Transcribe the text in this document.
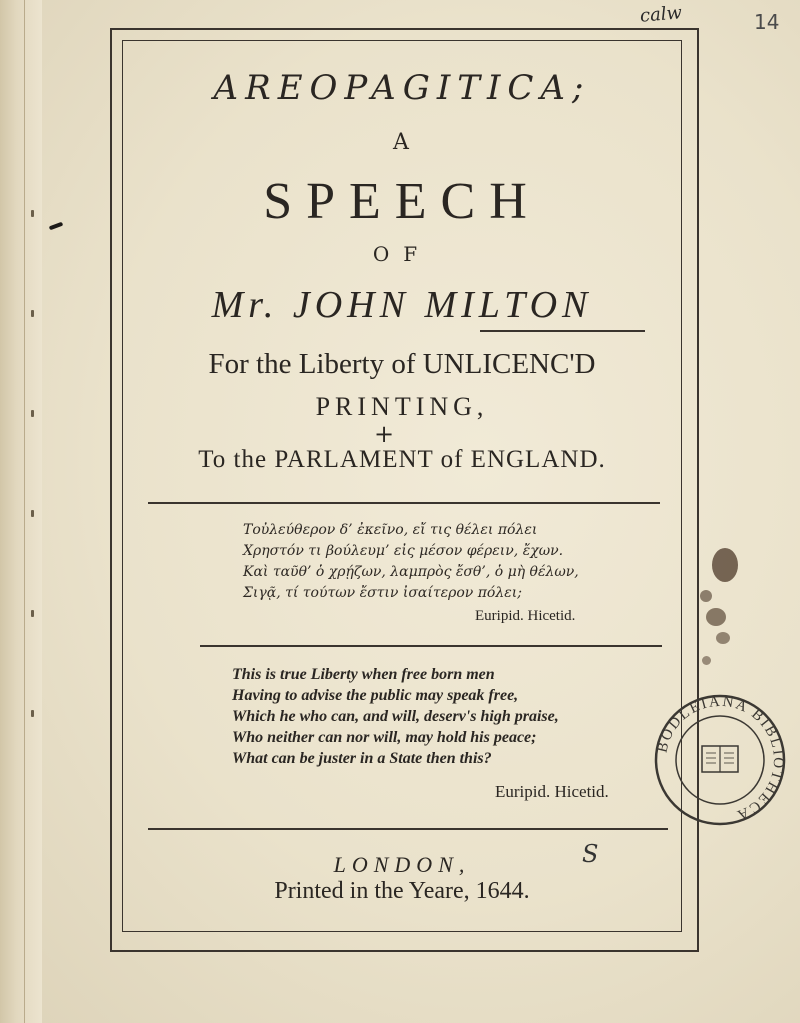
AREOPAGITICA;
A
SPEECH
OF
Mr. JOHN MILTON
For the Liberty of UNLICENC'D
PRINTING,
+
To the PARLAMENT of ENGLAND.
Τοὐλεύθερον δ’ ἐκεῖνο, εἴ τις θέλει πόλει
Χρηστόν τι βούλευμ’ εἰς μέσον φέρειν, ἔχων.
Καὶ ταῦθ’ ὁ χρῄζων, λαμπρὸς ἔσθ’, ὁ μὴ θέλων,
Σιγᾷ, τί τούτων ἔστιν ἰσαίτερον πόλει;
Euripid. Hicetid.
This is true Liberty when free born men
Having to advise the public may speak free,
Which he who can, and will, deserv's high praise,
Who neither can nor will, may hold his peace;
What can be juster in a State then this?
Euripid. Hicetid.
LONDON,
Printed in the Yeare, 1644.
S
calw	14
BODLEIANA BIBLIOTHECA
